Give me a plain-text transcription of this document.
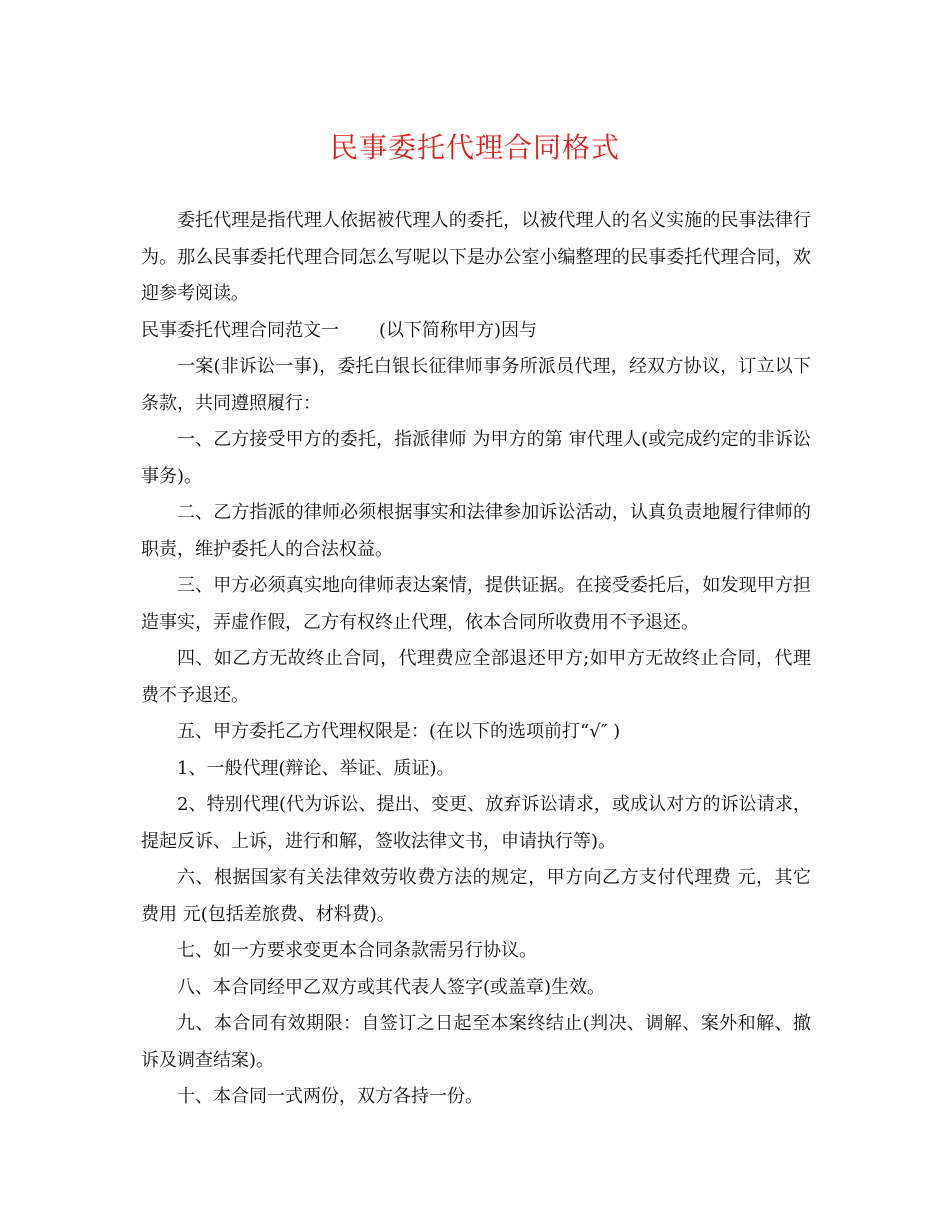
民事委托代理合同格式

委托代理是指代理人依据被代理人的委托，以被代理人的名义实施的民事法律行为。那么民事委托代理合同怎么写呢以下是办公室小编整理的民事委托代理合同，欢迎参考阅读。

民事委托代理合同范文一 (以下简称甲方)因与

一案(非诉讼一事)，委托白银长征律师事务所派员代理，经双方协议，订立以下条款，共同遵照履行：

一、乙方接受甲方的委托，指派律师 为甲方的第 审代理人(或完成约定的非诉讼事务)。

二、乙方指派的律师必须根据事实和法律参加诉讼活动，认真负责地履行律师的职责，维护委托人的合法权益。

三、甲方必须真实地向律师表达案情，提供证据。在接受委托后，如发现甲方担造事实，弄虚作假，乙方有权终止代理，依本合同所收费用不予退还。

四、如乙方无故终止合同，代理费应全部退还甲方;如甲方无故终止合同，代理费不予退还。

五、甲方委托乙方代理权限是：(在以下的选项前打“√″ )

1、一般代理(辩论、举证、质证)。

2、特别代理(代为诉讼、提出、变更、放弃诉讼请求，或成认对方的诉讼请求，提起反诉、上诉，进行和解，签收法律文书，申请执行等)。

六、根据国家有关法律效劳收费方法的规定，甲方向乙方支付代理费 元，其它费用 元(包括差旅费、材料费)。

七、如一方要求变更本合同条款需另行协议。

八、本合同经甲乙双方或其代表人签字(或盖章)生效。

九、本合同有效期限：自签订之日起至本案终结止(判决、调解、案外和解、撤诉及调查结案)。

十、本合同一式两份，双方各持一份。
